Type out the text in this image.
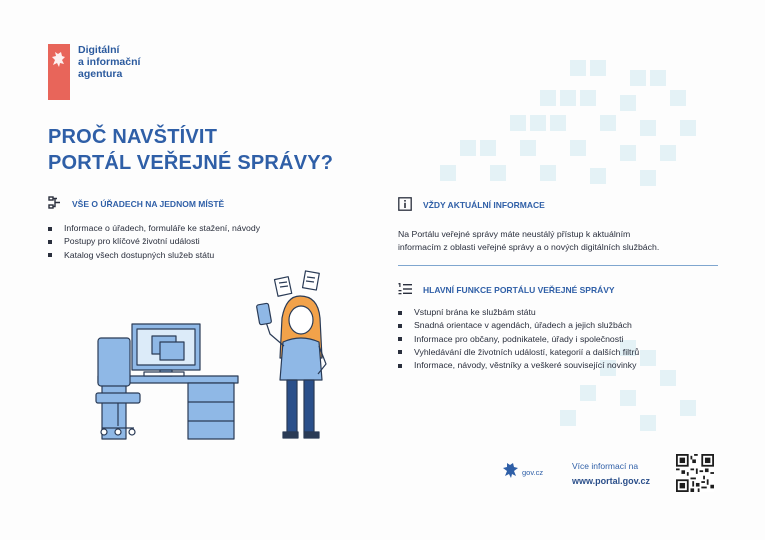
Digitální
a informační
agentura
PROČ NAVŠTÍVIT
PORTÁL VEŘEJNÉ SPRÁVY?
VŠE O ÚŘADECH NA JEDNOM MÍSTĚ
Informace o úřadech, formuláře ke stažení, návody
Postupy pro klíčové životní události
Katalog všech dostupných služeb státu
VŽDY AKTUÁLNÍ INFORMACE
Na Portálu veřejné správy máte neustálý přístup k aktuálním
informacím z oblasti veřejné správy a o nových digitálních službách.
HLAVNÍ FUNKCE PORTÁLU VEŘEJNÉ SPRÁVY
Vstupní brána ke službám státu
Snadná orientace v agendách, úřadech a jejich službách
Informace pro občany, podnikatele, úřady i společnosti
Vyhledávání dle životních událostí, kategorií a dalších filtrů
Informace, návody, věstníky a veškeré související novinky
gov.cz
Více informací na
www.portal.gov.cz
